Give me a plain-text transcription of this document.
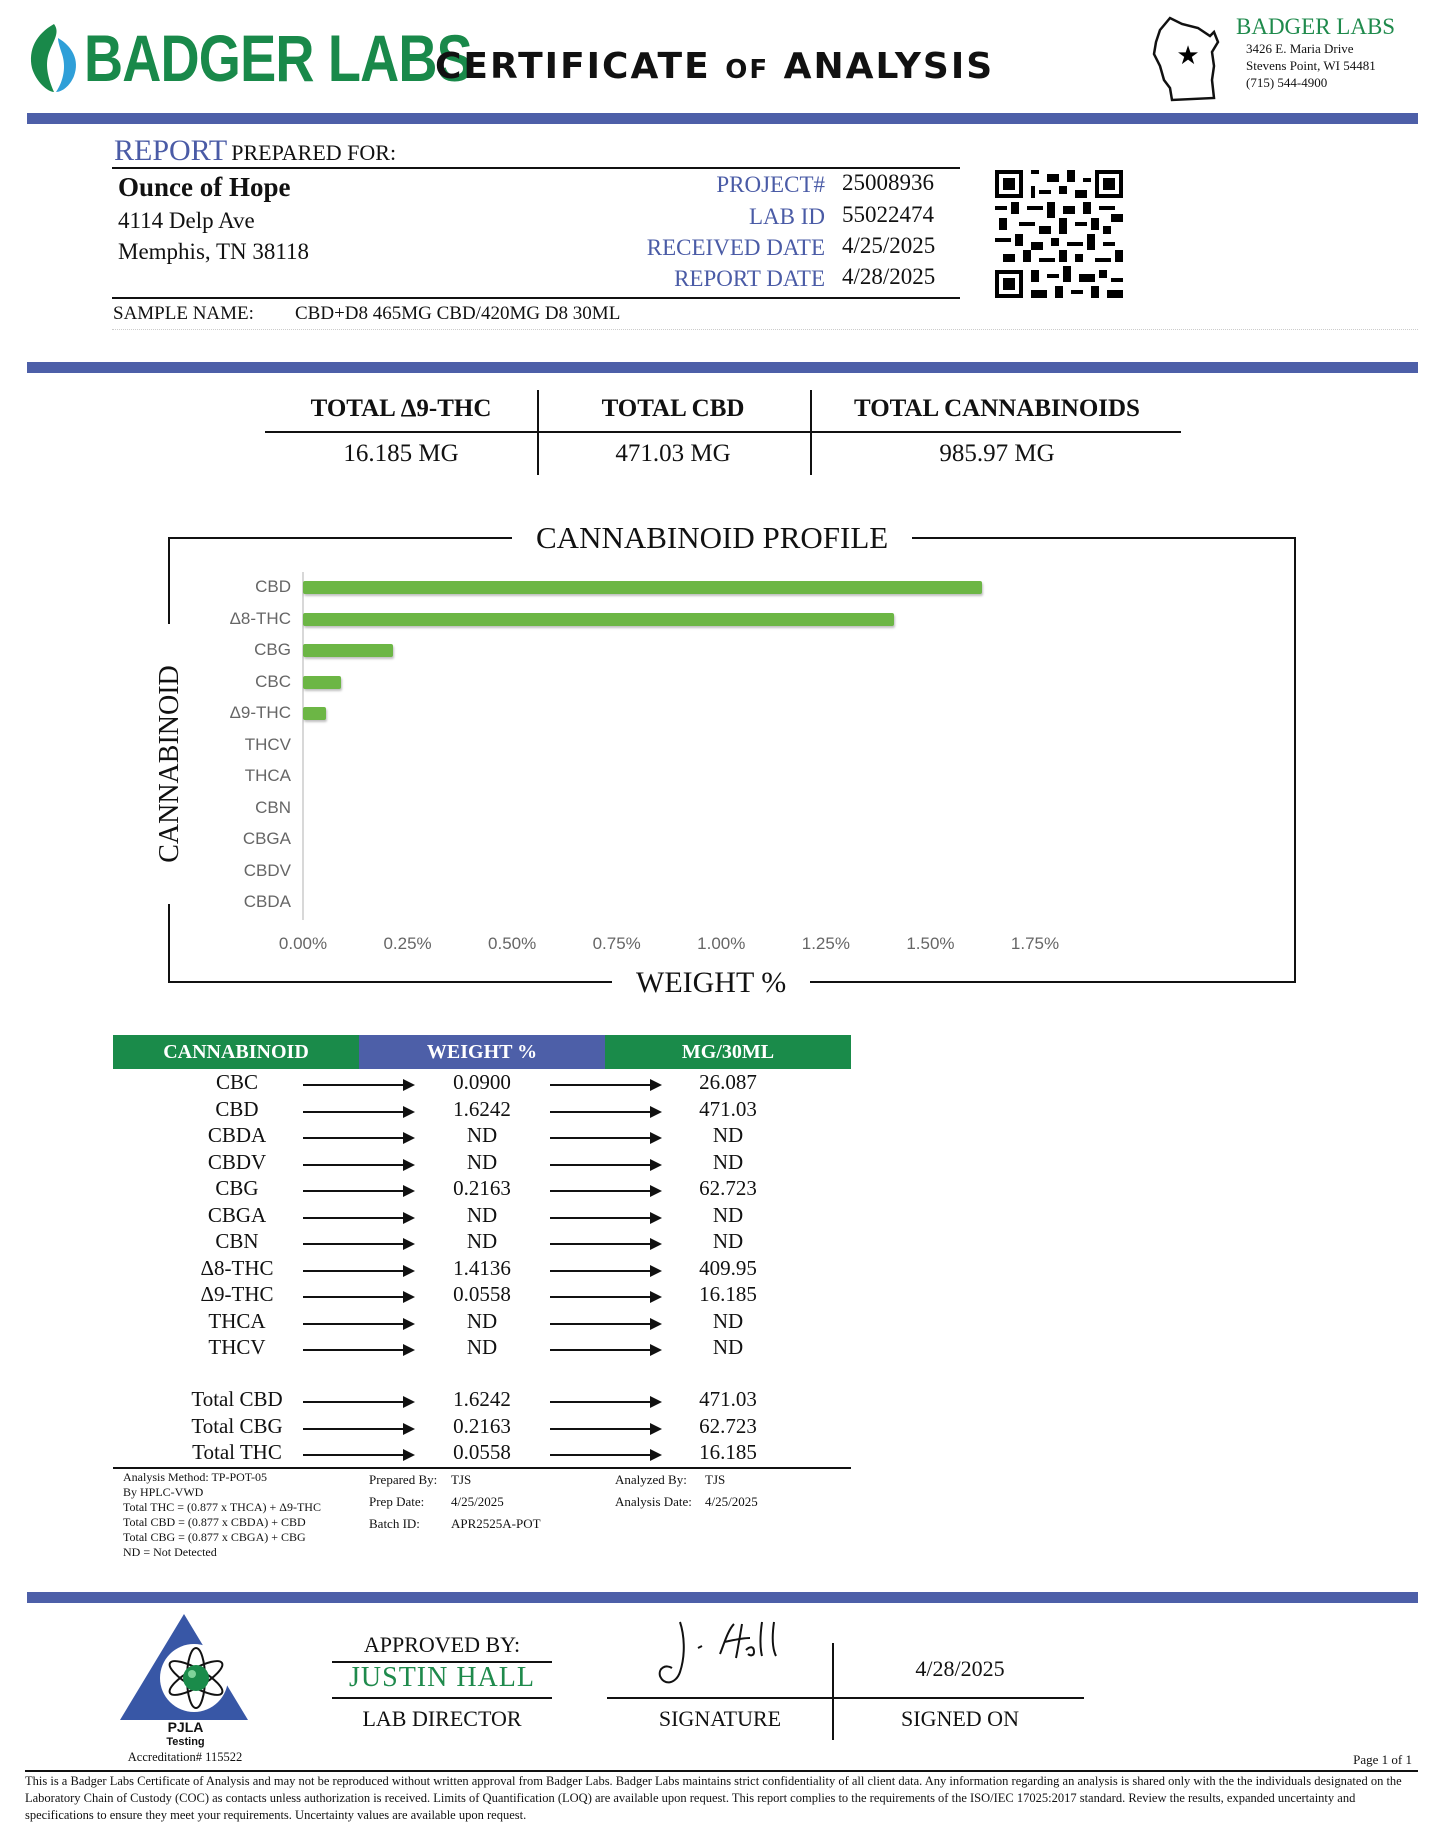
BADGER LABS
CERTIFICATE OF ANALYSIS	★
BADGER LABS
3426 E. Maria Drive
Stevens Point, WI 54481
(715) 544-4900
REPORT PREPARED FOR:
Ounce of Hope
4114 Delp Ave
Memphis, TN 38118
PROJECT# 25008936
LAB ID 55022474
RECEIVED DATE 4/25/2025
REPORT DATE 4/28/2025
SAMPLE NAME: CBD+D8 465MG CBD/420MG D8 30ML
TOTAL Δ9-THC	TOTAL CBD	TOTAL CANNABINOIDS
16.185 MG	471.03 MG	985.97 MG
CANNABINOID PROFILE
WEIGHT %
CANNABINOID
CBD
Δ8-THC
CBG
CBC
Δ9-THC
THCV
THCA
CBN
CBGA
CBDV
CBDA
0.00%	0.25%	0.50%	0.75%	1.00%	1.25%	1.50%	1.75%
CANNABINOID	WEIGHT %	MG/30ML
CBC	0.0900	26.087
CBD	1.6242	471.03
CBDA	ND	ND
CBDV	ND	ND
CBG	0.2163	62.723
CBGA	ND	ND
CBN	ND	ND
Δ8-THC	1.4136	409.95
Δ9-THC	0.0558	16.185
THCA	ND	ND
THCV	ND	ND
Total CBD	1.6242	471.03
Total CBG	0.2163	62.723
Total THC	0.0558	16.185
Analysis Method: TP-POT-05
By HPLC-VWD
Total THC = (0.877 x THCA) + Δ9-THC
Total CBD = (0.877 x CBDA) + CBD
Total CBG = (0.877 x CBGA) + CBG
ND = Not Detected
Prepared By: TJS
Prep Date: 4/25/2025
Batch ID: APR2525A-POT
Analyzed By: TJS
Analysis Date: 4/25/2025
PJLA
Testing
Accreditation# 115522
APPROVED BY:
JUSTIN HALL
LAB DIRECTOR
4/28/2025
SIGNATURE	SIGNED ON
Page 1 of 1
This is a Badger Labs Certificate of Analysis and may not be reproduced without written approval from Badger Labs. Badger Labs maintains strict confidentiality of all client data. Any information regarding an analysis is shared only with the the individuals designated on the Laboratory Chain of Custody (COC) as contacts unless authorization is received. Limits of Quantification (LOQ) are available upon request. This report complies to the requirements of the ISO/IEC 17025:2017 standard. Review the results, expanded uncertainty and specifications to ensure they meet your requirements. Uncertainty values are available upon request.
